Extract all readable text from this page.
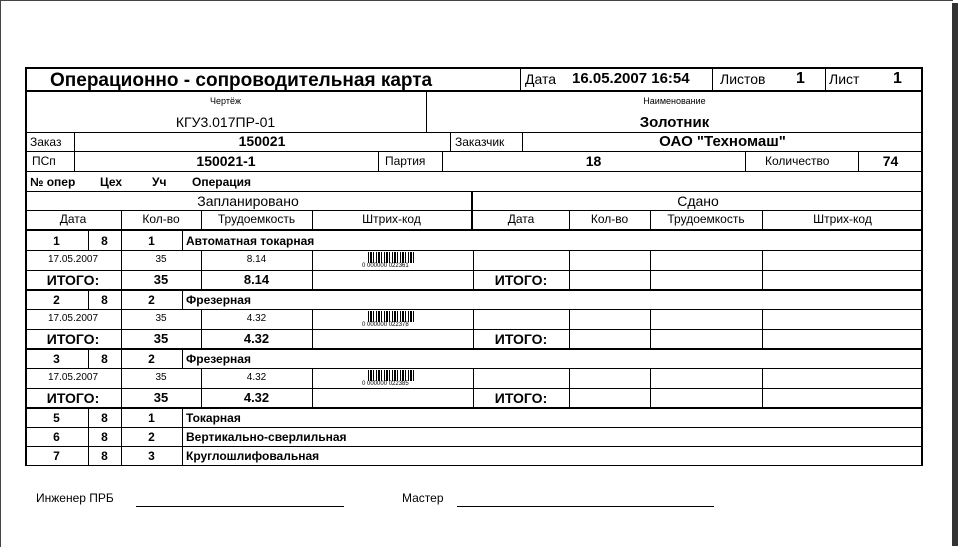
Операционно - сопроводительная карта	Дата 16.05.2007 16:54 Листов 1 Лист 1
Чертёж
КГУ3.017ПР-01
Наименование
Золотник
Заказ	150021	Заказчик	ОАО "Техномаш"
ПСп	150021-1	Партия	18	Количество	74
№ опер Цех Уч Операция
Запланировано	Сдано
Дата	Кол-во	Трудоемкость	Штрих-код	Дата	Кол-во	Трудоемкость	Штрих-код
1	8	1	Автоматная токарная
17.05.2007	35	8.14
0 000000 022361
ИТОГО:	35	8.14	ИТОГО:
2	8	2	Фрезерная
17.05.2007	35	4.32
0 000000 022378
ИТОГО:	35	4.32	ИТОГО:
3	8	2	Фрезерная
17.05.2007	35	4.32
0 000000 022385
ИТОГО:	35	4.32	ИТОГО:
5	8	1	Токарная
6	8	2	Вертикально-сверлильная
7	8	3	Круглошлифовальная
Инженер ПРБ	Мастер
